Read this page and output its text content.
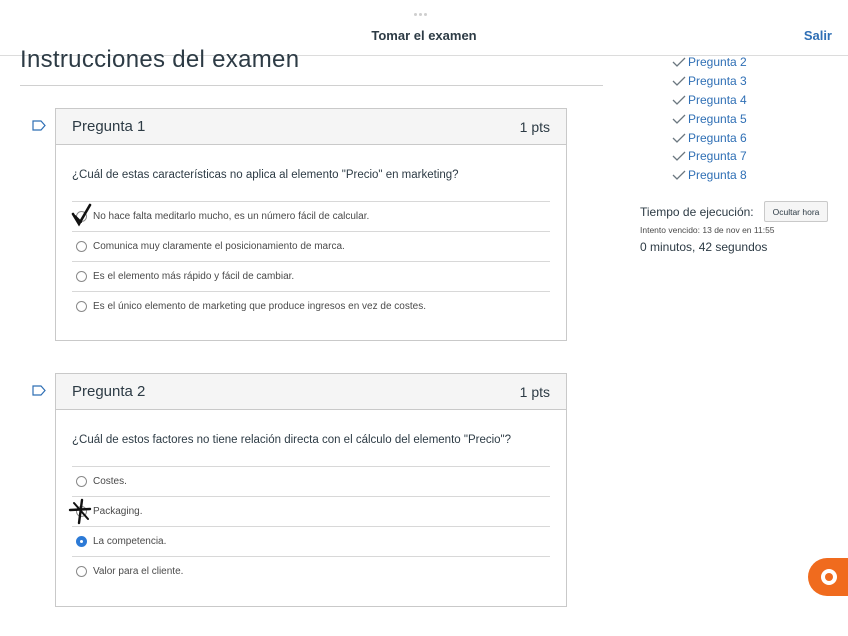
Tomar el examen	Salir
Instrucciones del examen
Pregunta 1	1 pts
¿Cuál de estas características no aplica al elemento "Precio" en marketing?
No hace falta meditarlo mucho, es un número fácil de calcular.
Comunica muy claramente el posicionamiento de marca.
Es el elemento más rápido y fácil de cambiar.
Es el único elemento de marketing que produce ingresos en vez de costes.
Pregunta 2	1 pts
¿Cuál de estos factores no tiene relación directa con el cálculo del elemento "Precio"?
Costes.
Packaging.
La competencia.
Valor para el cliente.
Pregunta 2
Pregunta 3
Pregunta 4
Pregunta 5
Pregunta 6
Pregunta 7
Pregunta 8
Tiempo de ejecución:	Ocultar hora
Intento vencido: 13 de nov en 11:55
0 minutos, 42 segundos
